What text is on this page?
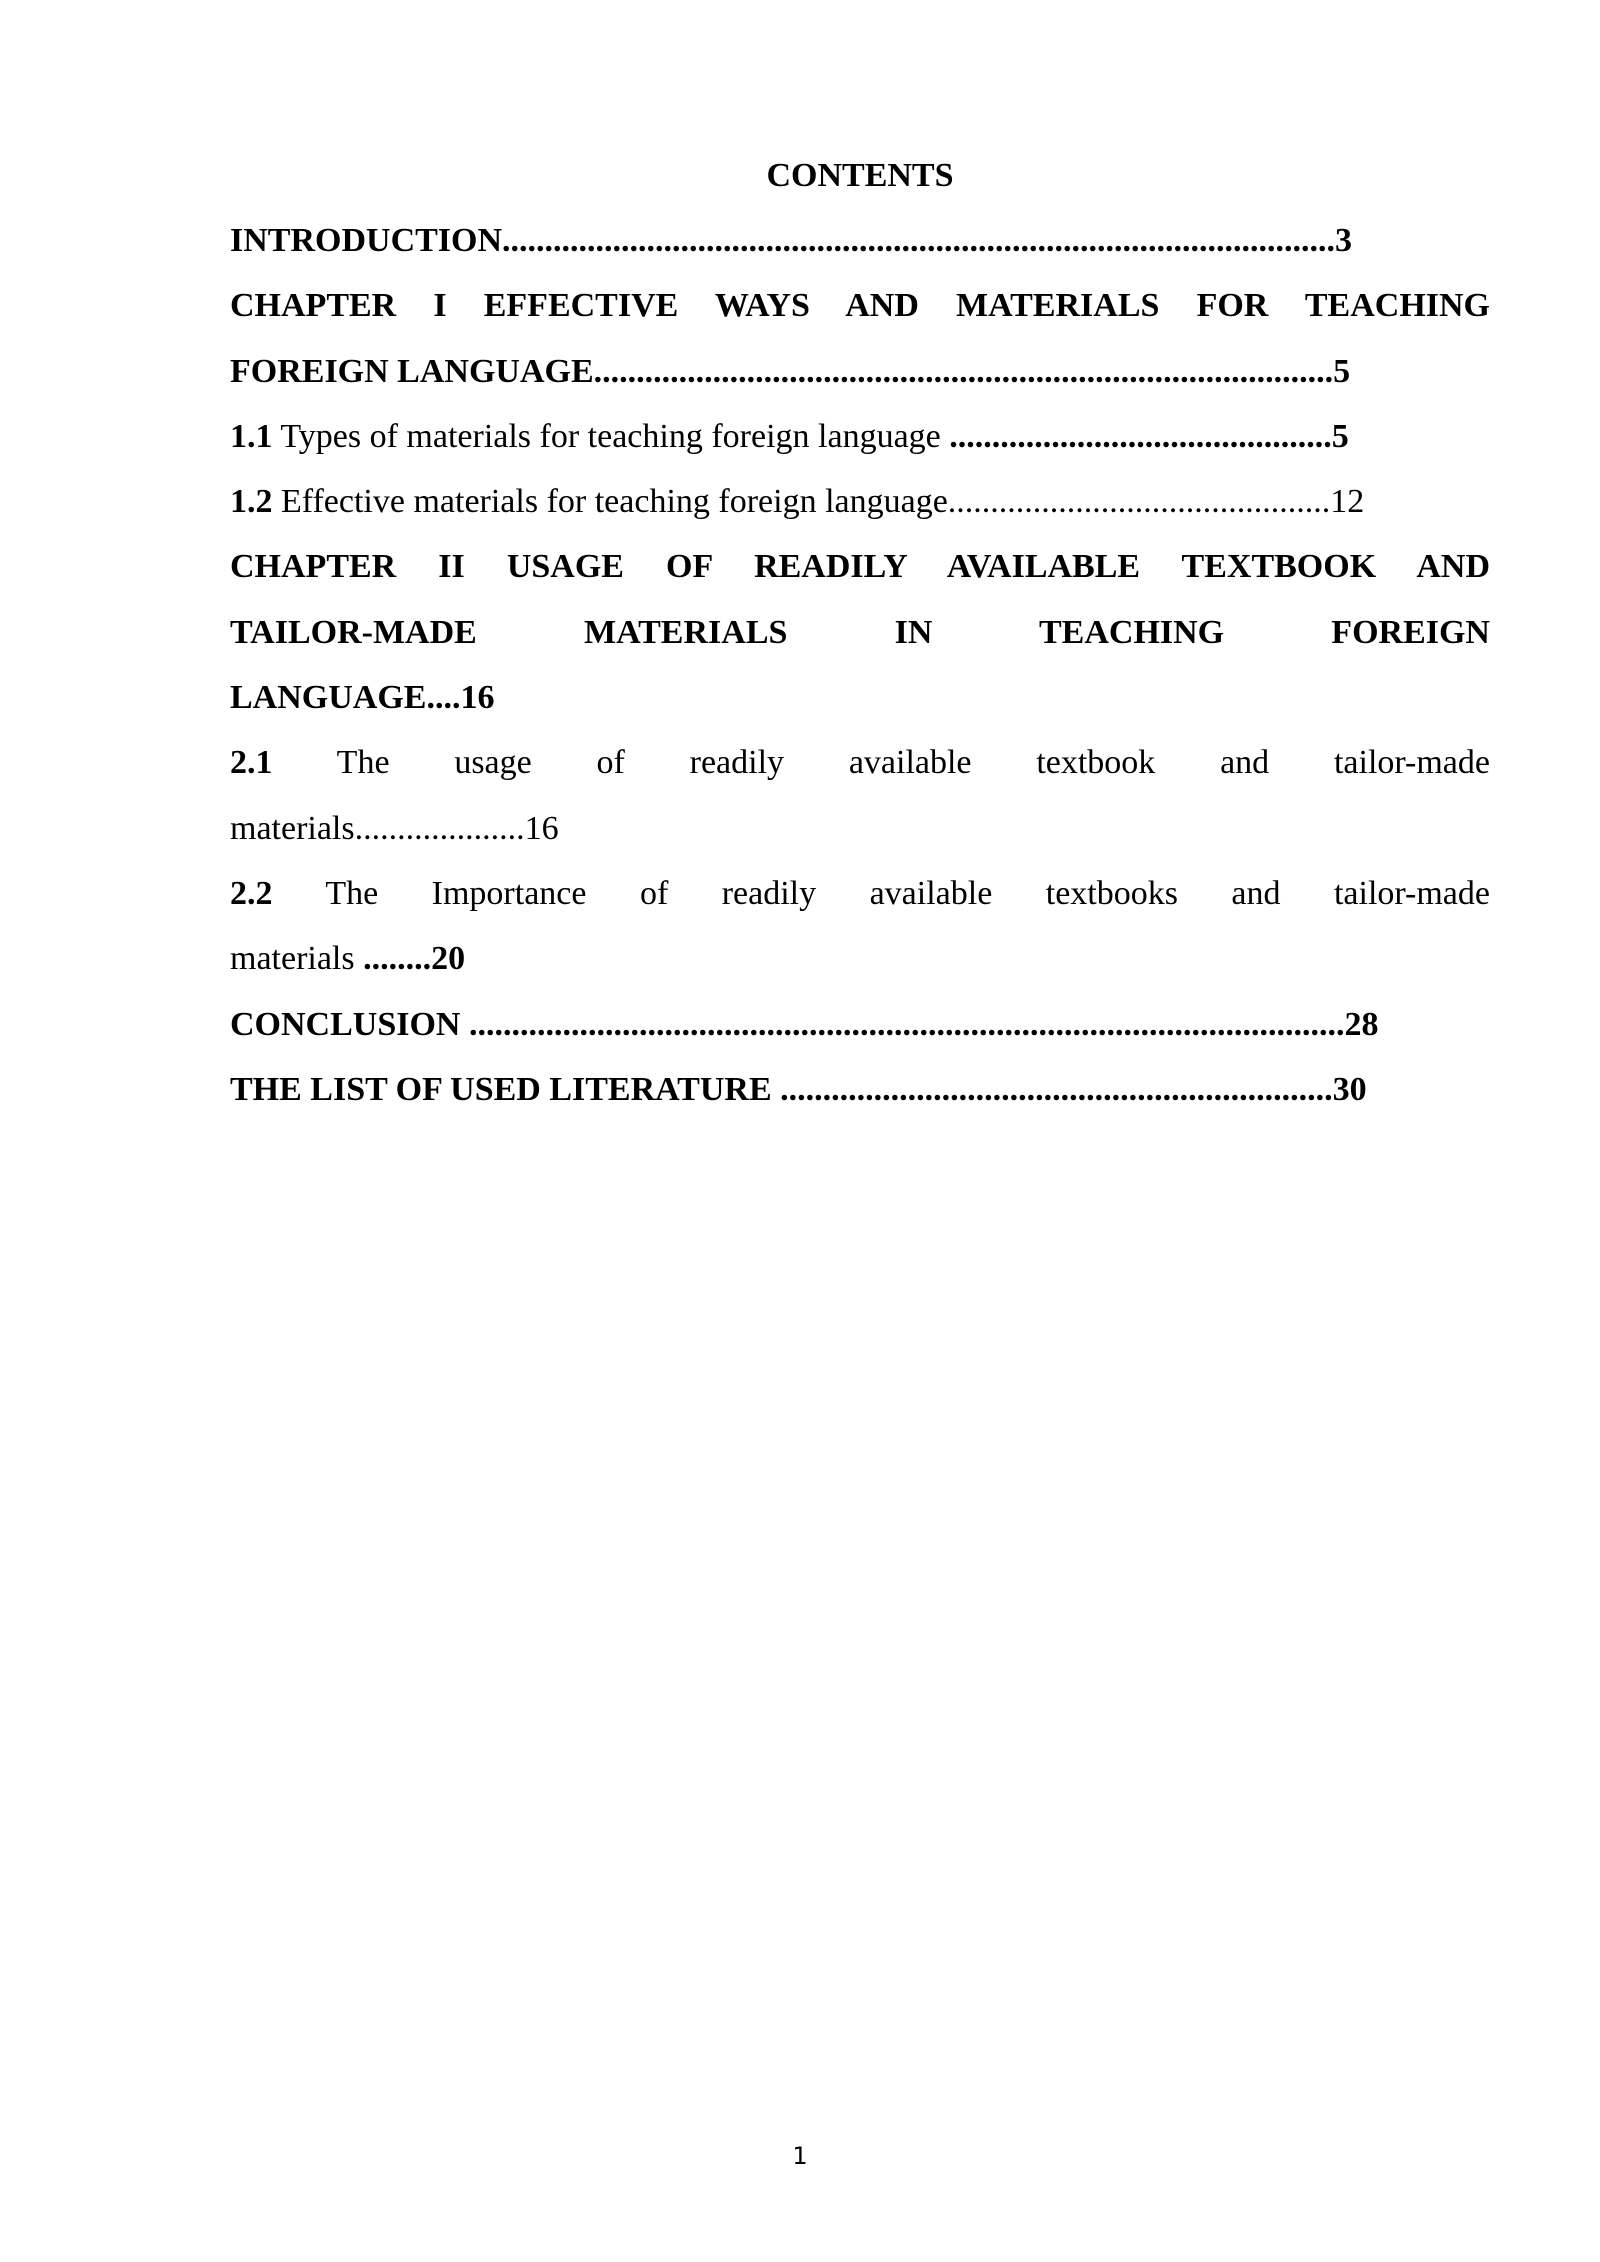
CONTENTS
INTRODUCTION..................................................................................................3
CHAPTER I EFFECTIVE WAYS AND MATERIALS FOR TEACHING
FOREIGN LANGUAGE.......................................................................................5
1.1 Types of materials for teaching foreign language .............................................5
1.2 Effective materials for teaching foreign language.............................................12
CHAPTER II USAGE OF READILY AVAILABLE TEXTBOOK AND
TAILOR-MADE MATERIALS IN TEACHING FOREIGN
LANGUAGE....16
2.1 The usage of readily available textbook and tailor-made
materials....................16
2.2 The Importance of readily available textbooks and tailor-made
materials ........20
CONCLUSION .......................................................................................................28
THE LIST OF USED LITERATURE .................................................................30
1
